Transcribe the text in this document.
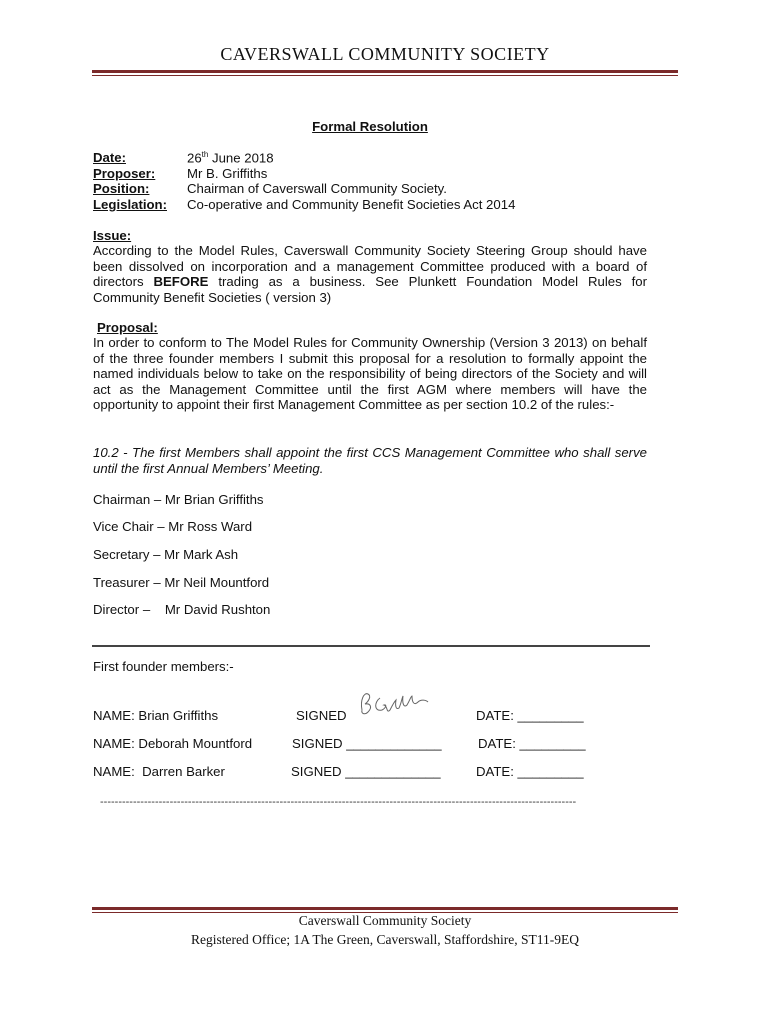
CAVERSWALL COMMUNITY SOCIETY
Formal Resolution
Date:	26th June 2018
Proposer: Mr B. Griffiths
Position:	Chairman of Caverswall Community Society.
Legislation: Co-operative and Community Benefit Societies Act 2014
Issue:
According to the Model Rules, Caverswall Community Society Steering Group should have been dissolved on incorporation and a management Committee produced with a board of directors BEFORE trading as a business. See Plunkett Foundation Model Rules for Community Benefit Societies ( version 3)
Proposal:
In order to conform to The Model Rules for Community Ownership (Version 3 2013) on behalf of the three founder members I submit this proposal for a resolution to formally appoint the named individuals below to take on the responsibility of being directors of the Society and will act as the Management Committee until the first AGM where members will have the opportunity to appoint their first Management Committee as per section 10.2 of the rules:-
10.2 - The first Members shall appoint the first CCS Management Committee who shall serve until the first Annual Members’ Meeting.
Chairman – Mr Brian Griffiths
Vice Chair – Mr Ross Ward
Secretary – Mr Mark Ash
Treasurer – Mr Neil Mountford
Director –    Mr David Rushton
First founder members:-
NAME: Brian Griffiths	SIGNED	DATE: _________
NAME: Deborah Mountford	SIGNED _____________	DATE: _________
NAME:  Darren Barker	SIGNED _____________	DATE: _________
----------------------------------------------------------------------------------------------------------------------------------
Caverswall Community Society
Registered Office; 1A The Green, Caverswall, Staffordshire, ST11-9EQ
